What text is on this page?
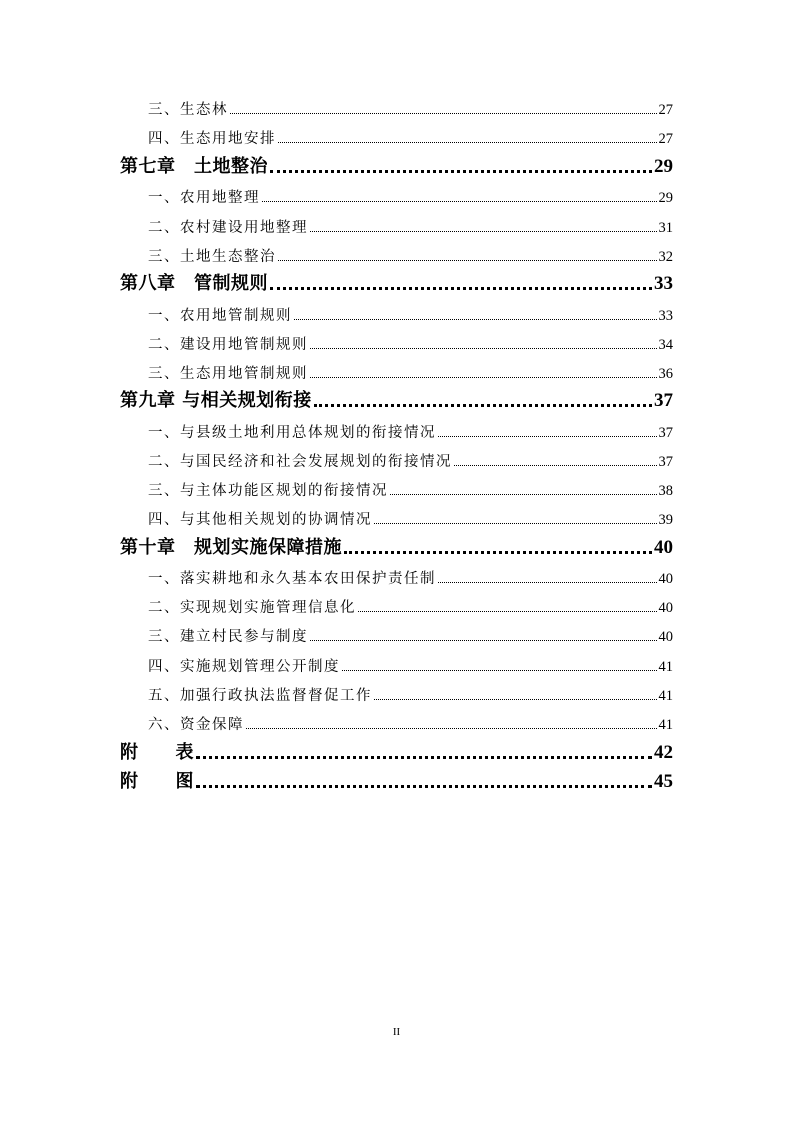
三、生态林	27
四、生态用地安排	27
第七章　土地整治	29
一、农用地整理	29
二、农村建设用地整理	31
三、土地生态整治	32
第八章　管制规则	33
一、农用地管制规则	33
二、建设用地管制规则	34
三、生态用地管制规则	36
第九章 与相关规划衔接	37
一、与县级土地利用总体规划的衔接情况	37
二、与国民经济和社会发展规划的衔接情况	37
三、与主体功能区规划的衔接情况	38
四、与其他相关规划的协调情况	39
第十章　规划实施保障措施	40
一、落实耕地和永久基本农田保护责任制	40
二、实现规划实施管理信息化	40
三、建立村民参与制度	40
四、实施规划管理公开制度	41
五、加强行政执法监督督促工作	41
六、资金保障	41
附　　表	42
附　　图	45
II
